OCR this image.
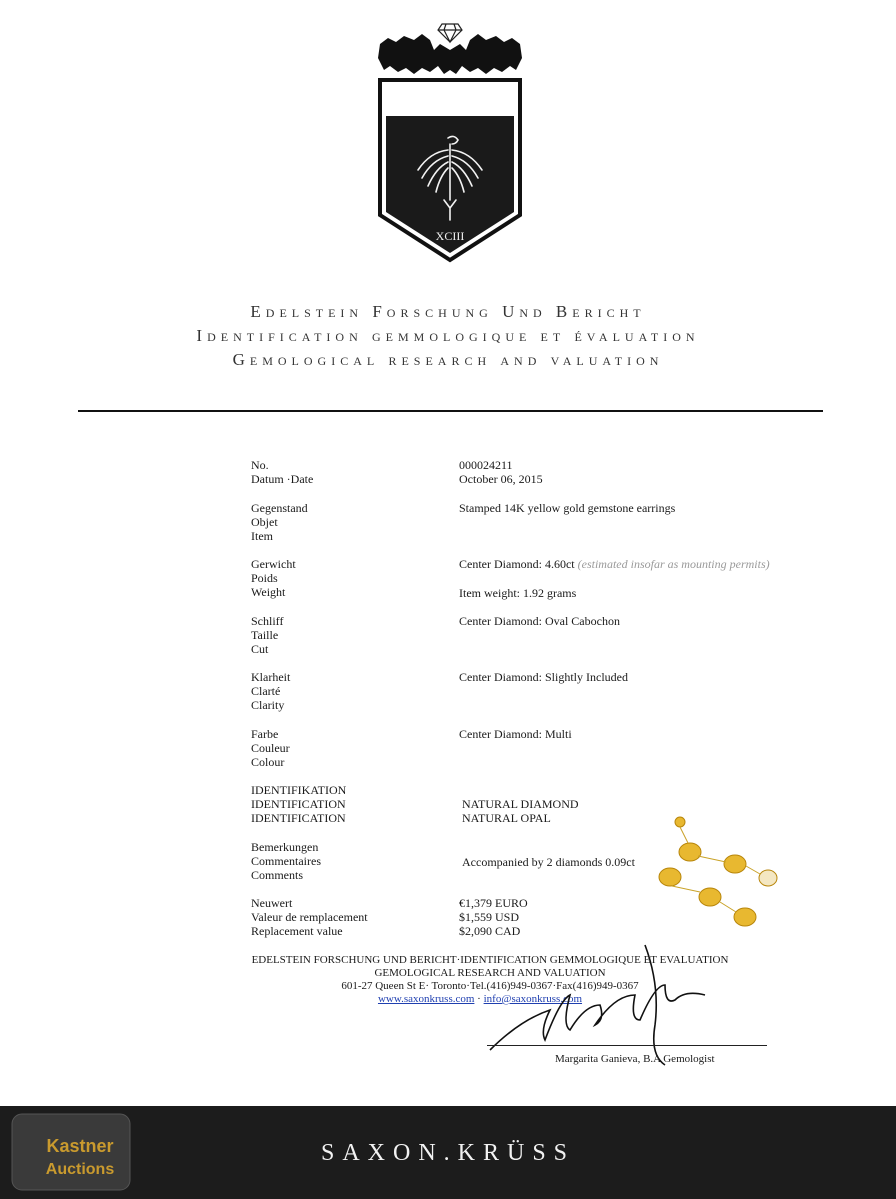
XCIII
Edelstein Forschung Und Bericht
Identification gemmologique et évaluation
Gemological research and valuation
No.
Datum ·Date
000024211
October 06, 2015
Gegenstand
Objet
Item
Stamped 14K yellow gold gemstone earrings
Gerwicht
Poids
Weight
Center Diamond: 4.60ct (estimated insofar as mounting permits)
Item weight: 1.92 grams
Schliff
Taille
Cut
Center Diamond: Oval Cabochon
Klarheit
Clarté
Clarity
Center Diamond: Slightly Included
Farbe
Couleur
Colour
Center Diamond: Multi
IDENTIFIKATION
IDENTIFICATION
IDENTIFICATION
NATURAL DIAMOND
NATURAL OPAL
Bemerkungen
Commentaires
Comments
Accompanied by 2 diamonds 0.09ct
Neuwert
Valeur de remplacement
Replacement value
€1,379 EURO
$1,559 USD
$2,090 CAD
EDELSTEIN FORSCHUNG UND BERICHT·IDENTIFICATION GEMMOLOGIQUE ET EVALUATION
GEMOLOGICAL RESEARCH AND VALUATION
601-27 Queen St E· Toronto·Tel.(416)949-0367·Fax(416)949-0367
www.saxonkruss.com · info@saxonkruss.com
Margarita Ganieva, B.A Gemologist
SAXON.KRÜSS
Kastner
Auctions
